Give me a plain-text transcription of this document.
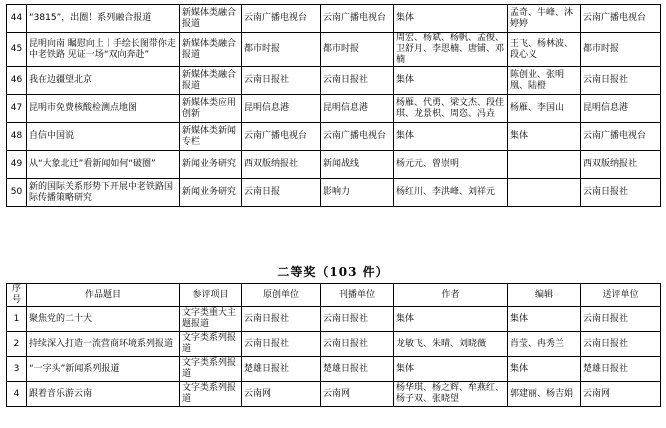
44	“3815”，出圈！系列融合报道	新媒体类融合报道	云南广播电视台	云南广播电视台	集体	孟奇、牛峰、沐婷婷	云南广播电视台
45	昆明向南 瞩慰向上｜手绘长图带你走中老铁路 见证一场“双向奔赴”	新媒体类融合报道	都市时报	都市时报	周宏、杨斌、杨帆、孟俊、卫舒月、李思楠、唐铺、邓楠	王飞、杨林波、段心义	都市时报
46	我在边疆望北京	新媒体类融合报道	云南日报社	云南日报社	集体	陈创业、张明凰、陆橙	云南日报社
47	昆明市免费核酸检测点地图	新媒体类应用创新	昆明信息港	昆明信息港	杨雁、代勇、梁文杰、段佳琪、龙景枳、周恣、冯垚	杨雁、李国山	昆明信息港
48	自信中国说	新媒体类新闻专栏	云南广播电视台	云南广播电视台	集体	集体	云南广播电视台
49	从“大象北迁”看新闻如何“破圈”	新闻业务研究	西双版纳报社	新闻战线	杨元元、曾崇明		西双版纳报社
50	新的国际关系形势下开展中老铁路国际传播策略研究	新闻业务研究	云南日报	影响力	杨红川、李洪峰、刘祥元		云南日报社
二等奖（103 件）
序号	作品题目	参评项目	原创单位	刊播单位	作者	编辑	送评单位
1	聚焦党的二十大	文字类重大主题报道	云南日报社	云南日报社	集体	集体	云南日报社
2	持续深入打造一流营商环境系列报道	文字类系列报道	云南日报社	云南日报社	龙敏飞、朱晴、刘晓薇	肖莹、冉秀兰	云南日报社
3	“一字头”新闻系列报道	文字类系列报道	楚雄日报社	楚雄日报社	集体	集体	楚雄日报社
4	跟着音乐游云南	文字类系列报道	云南网	云南网	杨华琪、杨之辉、牟燕红、杨子双、张晓望	郭建丽、杨吉娟	云南网
